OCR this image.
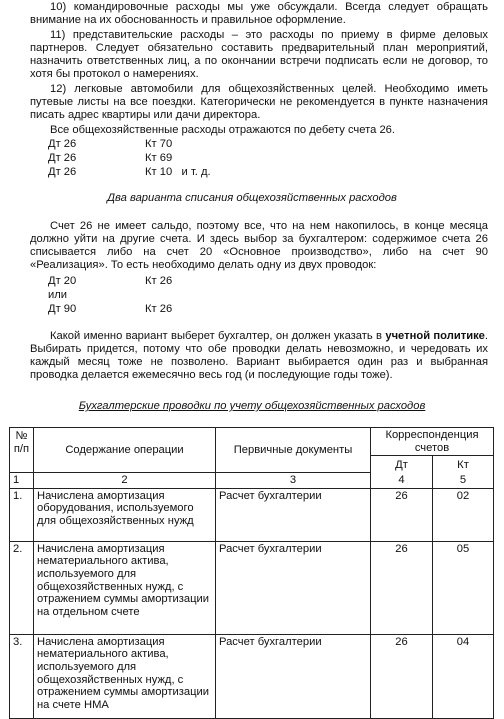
10) командировочные расходы мы уже обсуждали. Всегда следует обращать внимание на их обоснованность и правильное оформление.

11) представительские расходы – это расходы по приему в фирме деловых партнеров. Следует обязательно составить предварительный план мероприятий, назначить ответственных лиц, а по окончании встречи подписать если не договор, то хотя бы протокол о намерениях.

12) легковые автомобили для общехозяйственных целей. Необходимо иметь путевые листы на все поездки. Категорически не рекомендуется в пункте назначения писать адрес квартиры или дачи директора.

Все общехозяйственные расходы отражаются по дебету счета 26.

Дт 26	Кт 70
Дт 26	Кт 69
Дт 26	Кт 10   и т. д.
Два варианта списания общехозяйственных расходов

Счет 26 не имеет сальдо, поэтому все, что на нем накопилось, в конце месяца должно уйти на другие счета. И здесь выбор за бухгалтером: содержимое счета 26 списывается либо на счет 20 «Основное производство», либо на счет 90 «Реализация». То есть необходимо делать одну из двух проводок:

Дт 20	Кт 26
или
Дт 90	Кт 26

Какой именно вариант выберет бухгалтер, он должен указать в учетной политике. Выбирать придется, потому что обе проводки делать невозможно, и чередовать их каждый месяц тоже не позволено. Вариант выбирается один раз и выбранная проводка делается ежемесячно весь год (и последующие годы тоже).

Бухгалтерские проводки по учету общехозяйственных расходов
№ п/п	Содержание операции	Первичные документы	Корреспонденция счетов	
			Дт	Кт
1	2	3	4	5
1.	Начислена амортизация оборудования, используемого для общехозяйственных нужд	Расчет бухгалтерии	26	02
2.	Начислена амортизация нематериального актива, используемого для общехозяйственных нужд, с отражением суммы амортизации на отдельном счете	Расчет бухгалтерии	26	05
3.	Начислена амортизация нематериального актива, используемого для общехозяйственных нужд, с отражением суммы амортизации на счете НМА	Расчет бухгалтерии	26	04
